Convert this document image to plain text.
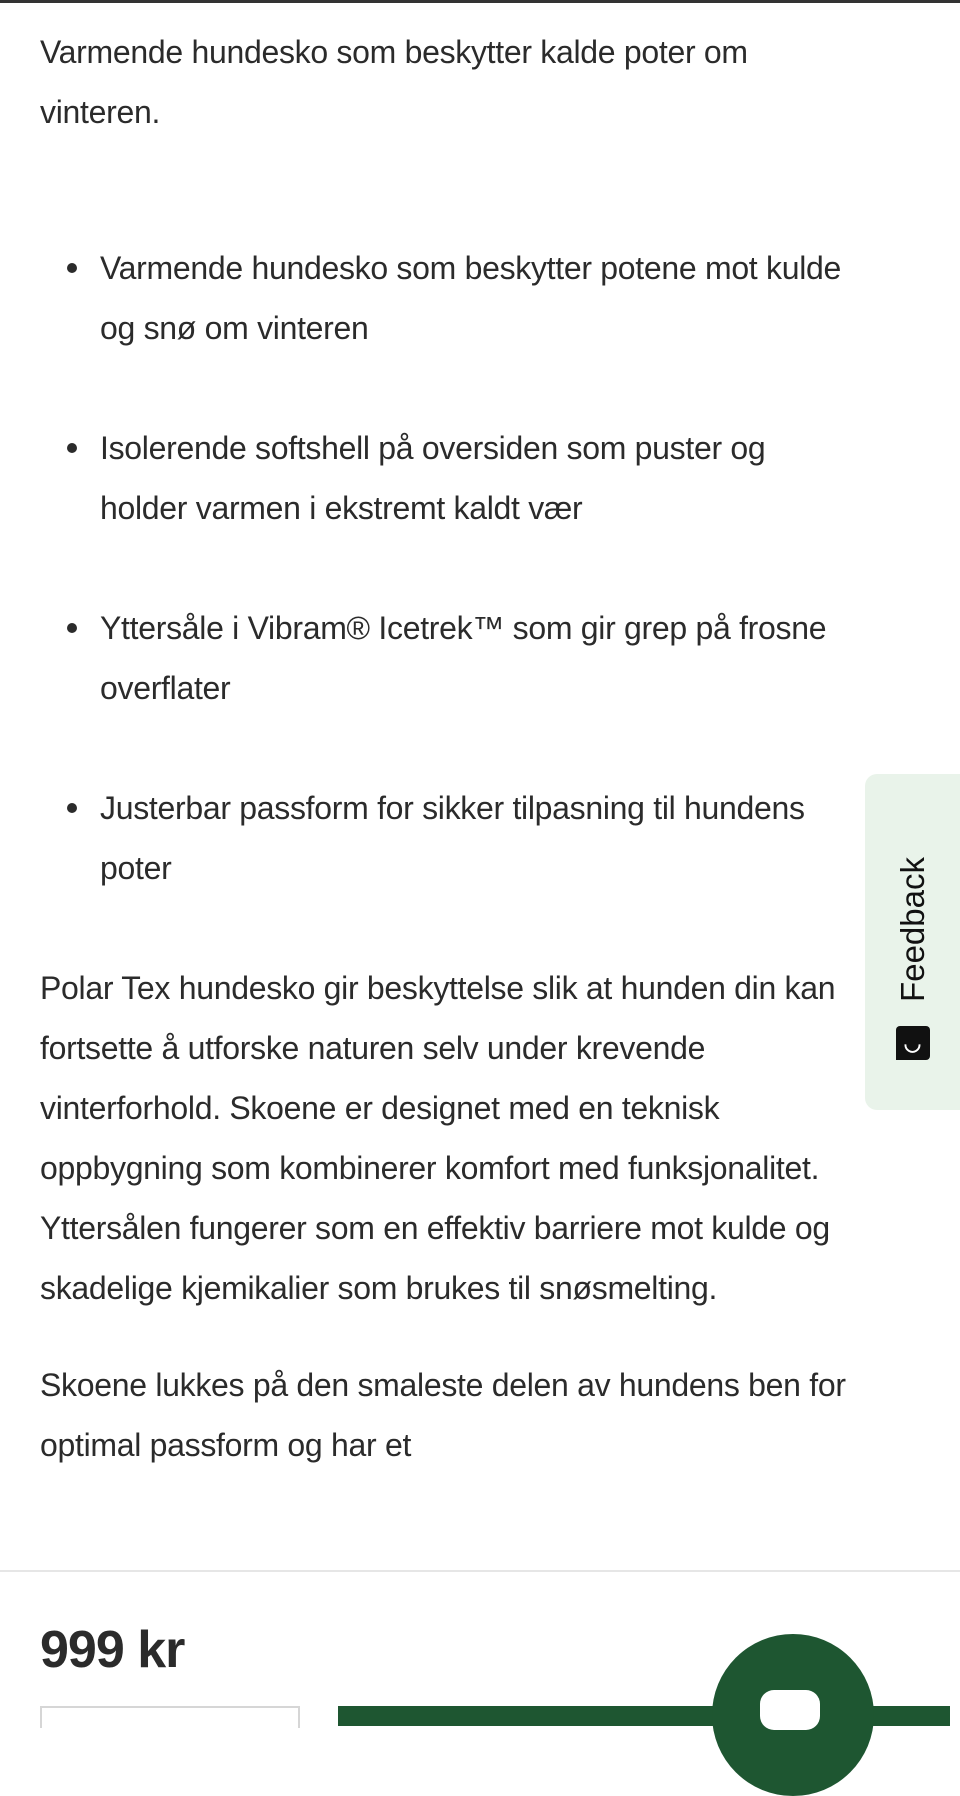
Varmende hundesko som beskytter kalde poter om vinteren.

Varmende hundesko som beskytter potene mot kulde og snø om vinteren
Isolerende softshell på oversiden som puster og holder varmen i ekstremt kaldt vær
Yttersåle i Vibram® Icetrek™ som gir grep på frosne overflater
Justerbar passform for sikker tilpasning til hundens poter

Polar Tex hundesko gir beskyttelse slik at hunden din kan fortsette å utforske naturen selv under krevende vinterforhold. Skoene er designet med en teknisk oppbygning som kombinerer komfort med funksjonalitet. Yttersålen fungerer som en effektiv barriere mot kulde og skadelige kjemikalier som brukes til snøsmelting.

Skoene lukkes på den smaleste delen av hundens ben for optimal passform og har et

Feedback
◡
999 kr
